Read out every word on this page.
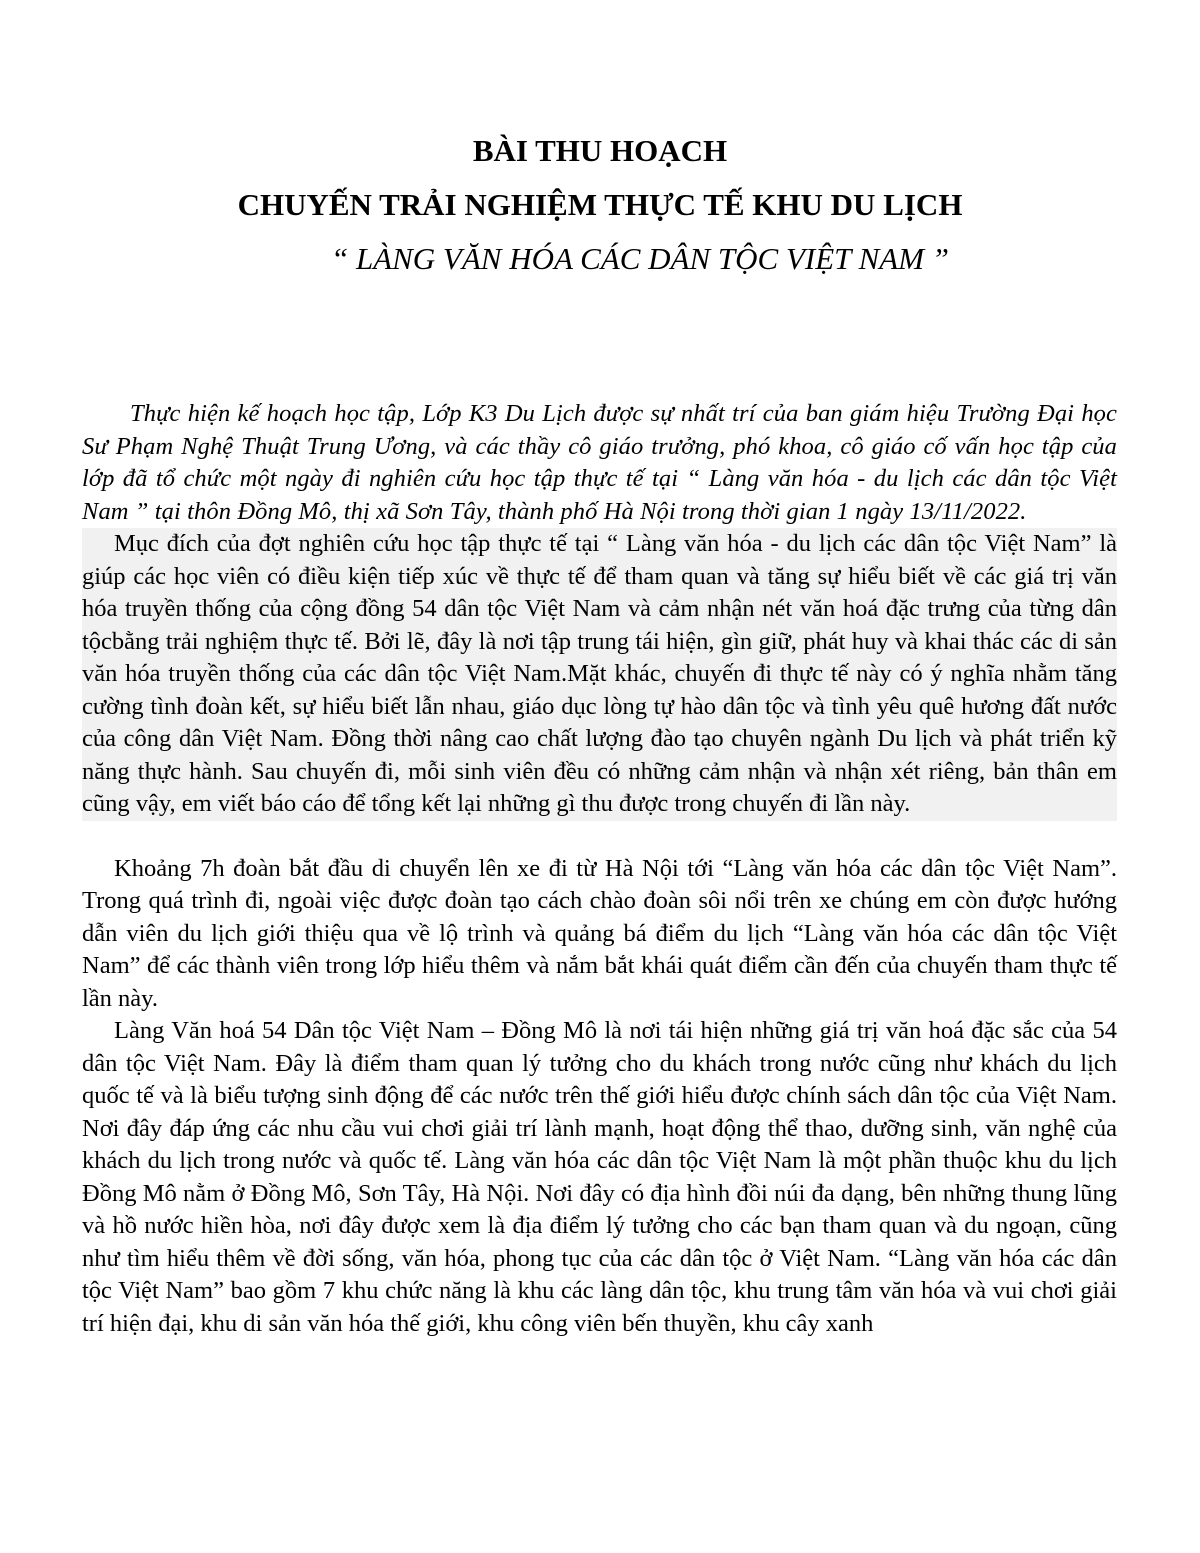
BÀI THU HOẠCH
CHUYẾN TRẢI NGHIỆM THỰC TẾ KHU DU LỊCH
“ LÀNG VĂN HÓA CÁC DÂN TỘC VIỆT NAM ”

Thực hiện kế hoạch học tập, Lớp K3 Du Lịch được sự nhất trí của ban giám hiệu Trường Đại học Sư Phạm Nghệ Thuật Trung Ương, và các thầy cô giáo trưởng, phó khoa, cô giáo cố vấn học tập của lớp đã tổ chức một ngày đi nghiên cứu học tập thực tế tại “ Làng văn hóa - du lịch các dân tộc Việt Nam ” tại thôn Đồng Mô, thị xã Sơn Tây, thành phố Hà Nội trong thời gian 1 ngày 13/11/2022.

Mục đích của đợt nghiên cứu học tập thực tế tại “ Làng văn hóa - du lịch các dân tộc Việt Nam” là giúp các học viên có điều kiện tiếp xúc về thực tế để tham quan và tăng sự hiểu biết về các giá trị văn hóa truyền thống của cộng đồng 54 dân tộc Việt Nam và cảm nhận nét văn hoá đặc trưng của từng dân tộcbằng trải nghiệm thực tế. Bởi lẽ, đây là nơi tập trung tái hiện, gìn giữ, phát huy và khai thác các di sản văn hóa truyền thống của các dân tộc Việt Nam.Mặt khác, chuyến đi thực tế này có ý nghĩa nhằm tăng cường tình đoàn kết, sự hiểu biết lẫn nhau, giáo dục lòng tự hào dân tộc và tình yêu quê hương đất nước của công dân Việt Nam. Đồng thời nâng cao chất lượng đào tạo chuyên ngành Du lịch và phát triển kỹ năng thực hành. Sau chuyến đi, mỗi sinh viên đều có những cảm nhận và nhận xét riêng, bản thân em cũng vậy, em viết báo cáo để tổng kết lại những gì thu được trong chuyến đi lần này.

Khoảng 7h đoàn bắt đầu di chuyển lên xe đi từ Hà Nội tới “Làng văn hóa các dân tộc Việt Nam”. Trong quá trình đi, ngoài việc được đoàn tạo cách chào đoàn sôi nổi trên xe chúng em còn được hướng dẫn viên du lịch giới thiệu qua về lộ trình và quảng bá điểm du lịch “Làng văn hóa các dân tộc Việt Nam” để các thành viên trong lớp hiểu thêm và nắm bắt khái quát điểm cần đến của chuyến tham thực tế lần này.

Làng Văn hoá 54 Dân tộc Việt Nam – Đồng Mô là nơi tái hiện những giá trị văn hoá đặc sắc của 54 dân tộc Việt Nam. Đây là điểm tham quan lý tưởng cho du khách trong nước cũng như khách du lịch quốc tế và là biểu tượng sinh động để các nước trên thế giới hiểu được chính sách dân tộc của Việt Nam. Nơi đây đáp ứng các nhu cầu vui chơi giải trí lành mạnh, hoạt động thể thao, dưỡng sinh, văn nghệ của khách du lịch trong nước và quốc tế. Làng văn hóa các dân tộc Việt Nam là một phần thuộc khu du lịch Đồng Mô nằm ở Đồng Mô, Sơn Tây, Hà Nội. Nơi đây có địa hình đồi núi đa dạng, bên những thung lũng và hồ nước hiền hòa, nơi đây được xem là địa điểm lý tưởng cho các bạn tham quan và du ngoạn, cũng như tìm hiểu thêm về đời sống, văn hóa, phong tục của các dân tộc ở Việt Nam. “Làng văn hóa các dân tộc Việt Nam” bao gồm 7 khu chức năng là khu các làng dân tộc, khu trung tâm văn hóa và vui chơi giải trí hiện đại, khu di sản văn hóa thế giới, khu công viên bến thuyền, khu cây xanh
